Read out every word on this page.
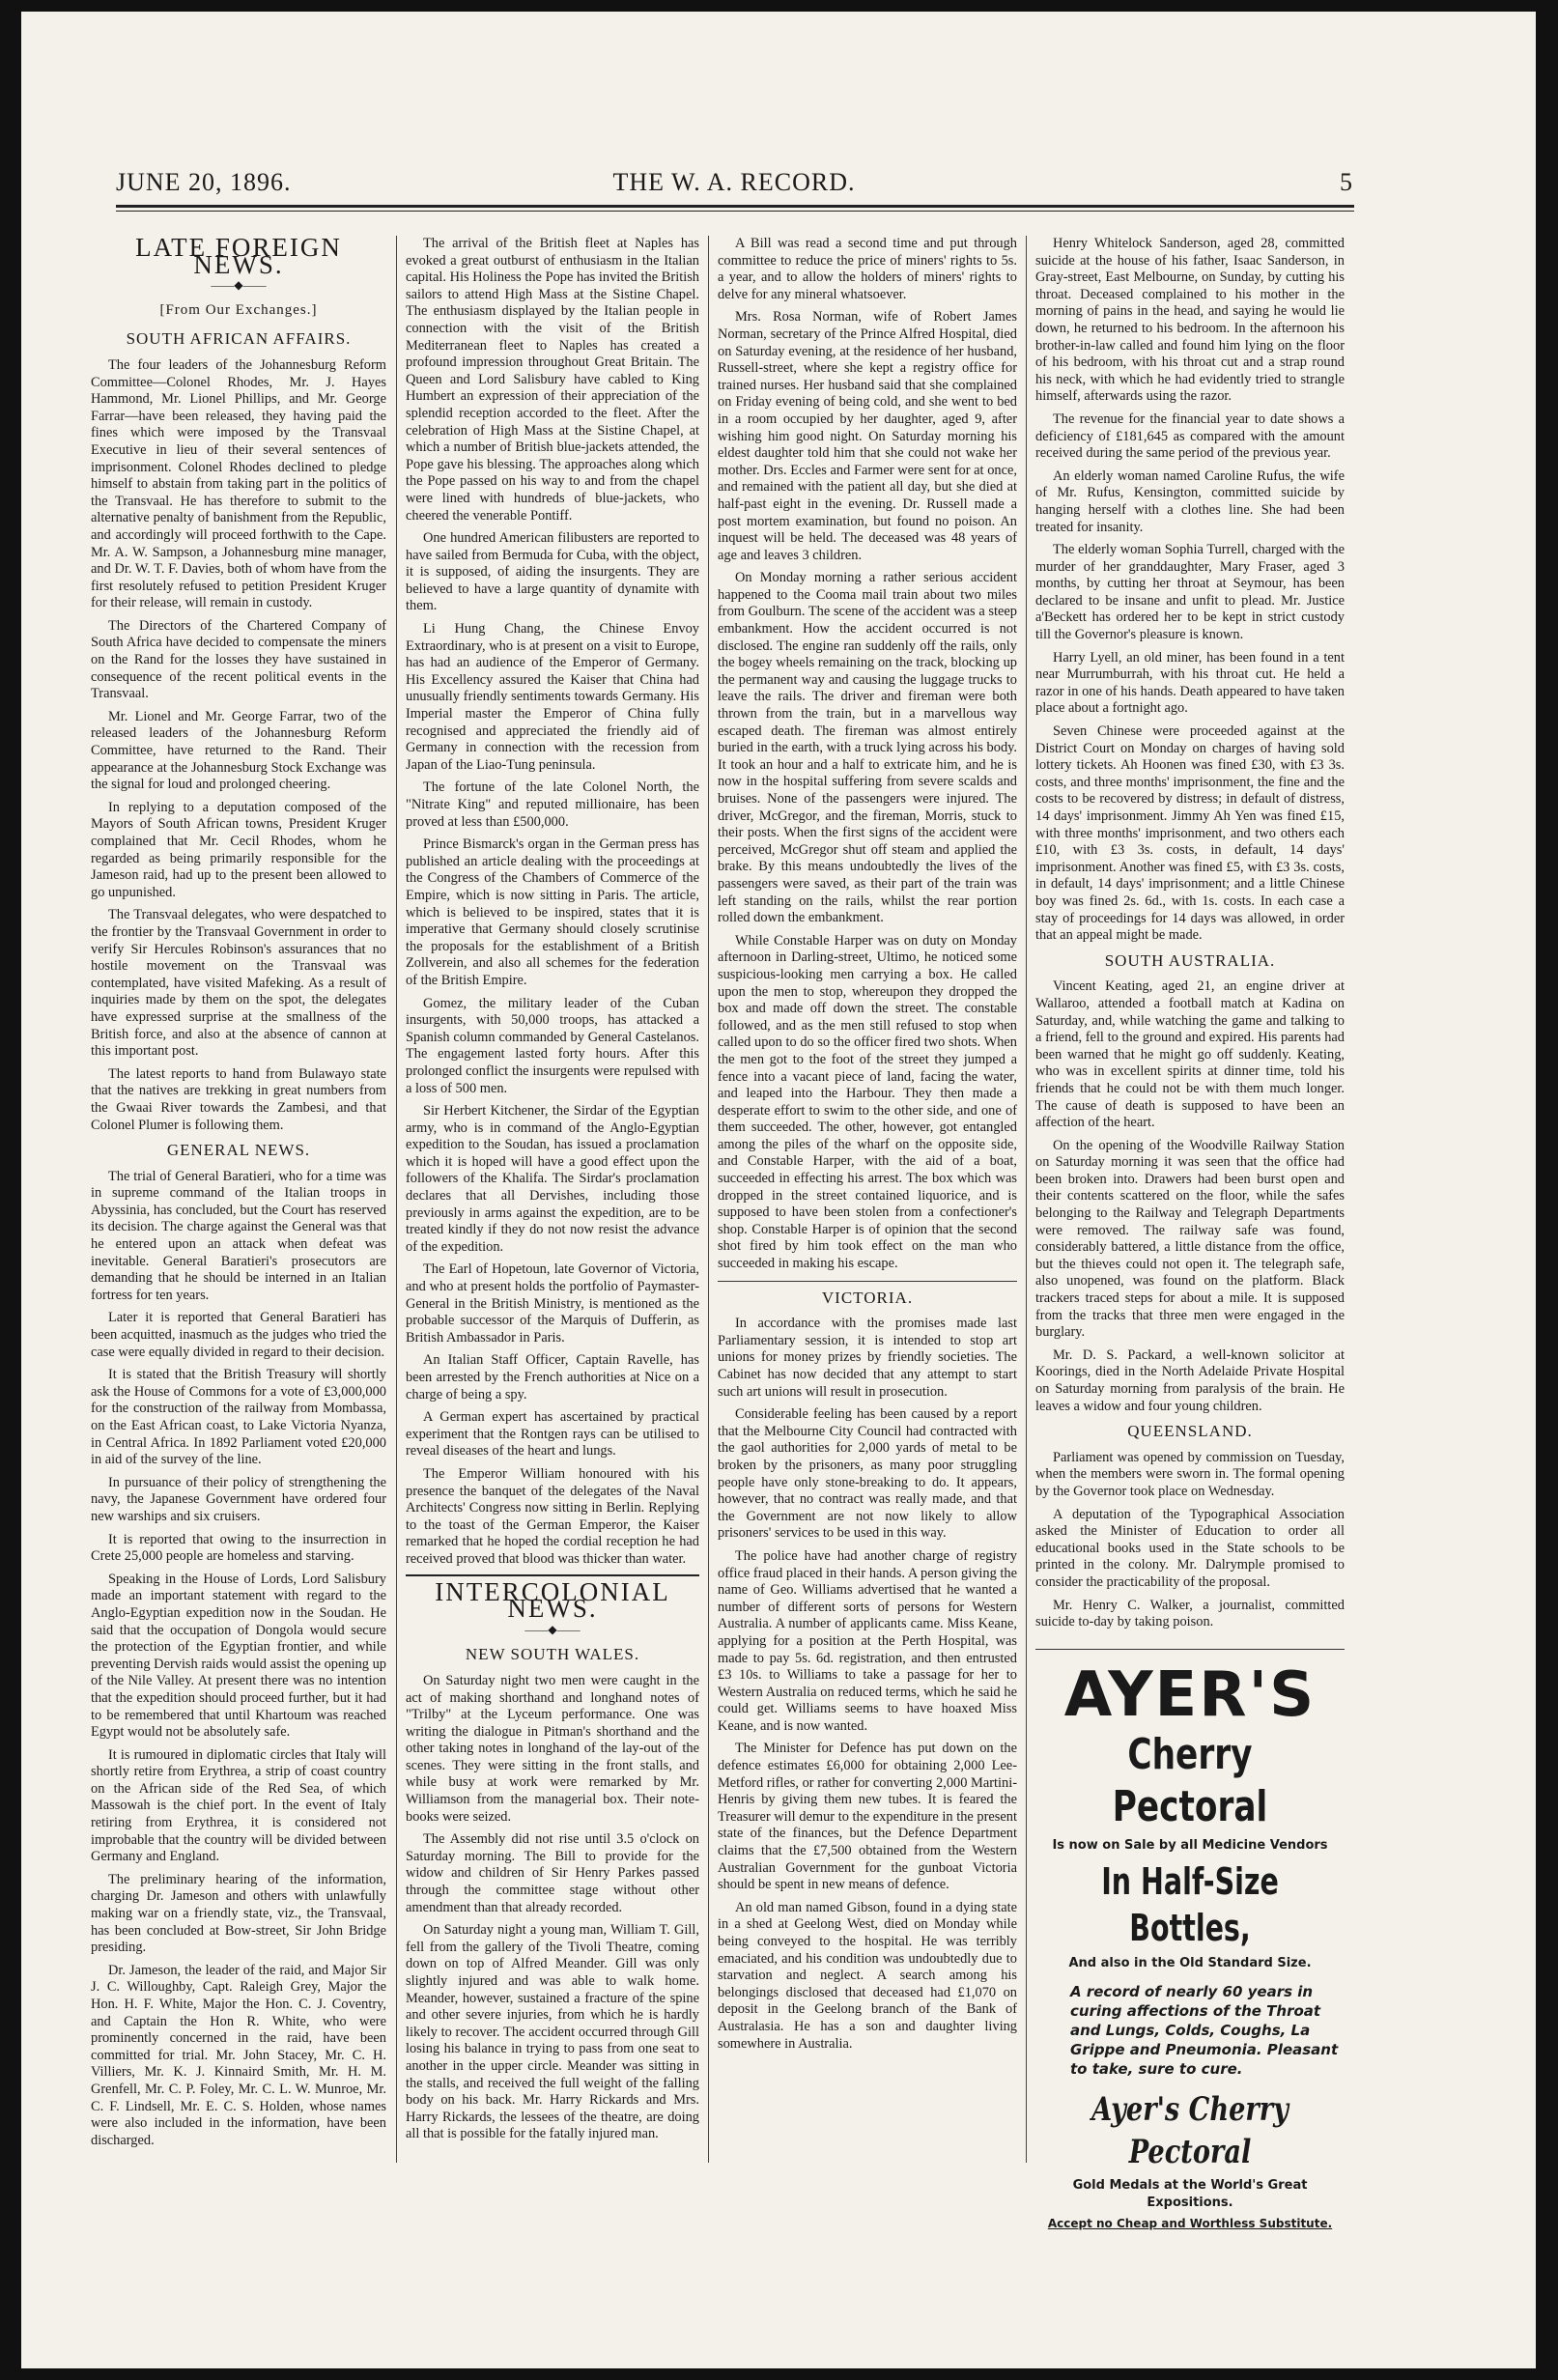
JUNE 20, 1896.	THE W. A. RECORD.	5
LATE FOREIGN NEWS.
——◆——
[From Our Exchanges.]
SOUTH AFRICAN AFFAIRS.

The four leaders of the Johannesburg Reform Committee—Colonel Rhodes, Mr. J. Hayes Hammond, Mr. Lionel Phillips, and Mr. George Farrar—have been released, they having paid the fines which were imposed by the Transvaal Executive in lieu of their several sentences of imprisonment. Colonel Rhodes declined to pledge himself to abstain from taking part in the politics of the Transvaal. He has therefore to submit to the alternative penalty of banishment from the Republic, and accordingly will proceed forthwith to the Cape. Mr. A. W. Sampson, a Johannesburg mine manager, and Dr. W. T. F. Davies, both of whom have from the first resolutely refused to petition President Kruger for their release, will remain in custody.

The Directors of the Chartered Company of South Africa have decided to compensate the miners on the Rand for the losses they have sustained in consequence of the recent political events in the Transvaal.

Mr. Lionel and Mr. George Farrar, two of the released leaders of the Johannesburg Reform Committee, have returned to the Rand. Their appearance at the Johannesburg Stock Exchange was the signal for loud and prolonged cheering.

In replying to a deputation composed of the Mayors of South African towns, President Kruger complained that Mr. Cecil Rhodes, whom he regarded as being primarily responsible for the Jameson raid, had up to the present been allowed to go unpunished.

The Transvaal delegates, who were despatched to the frontier by the Transvaal Government in order to verify Sir Hercules Robinson's assurances that no hostile movement on the Transvaal was contemplated, have visited Mafeking. As a result of inquiries made by them on the spot, the delegates have expressed surprise at the smallness of the British force, and also at the absence of cannon at this important post.

The latest reports to hand from Bulawayo state that the natives are trekking in great numbers from the Gwaai River towards the Zambesi, and that Colonel Plumer is following them.

GENERAL NEWS.

The trial of General Baratieri, who for a time was in supreme command of the Italian troops in Abyssinia, has concluded, but the Court has reserved its decision. The charge against the General was that he entered upon an attack when defeat was inevitable. General Baratieri's prosecutors are demanding that he should be interned in an Italian fortress for ten years.

Later it is reported that General Baratieri has been acquitted, inasmuch as the judges who tried the case were equally divided in regard to their decision.

It is stated that the British Treasury will shortly ask the House of Commons for a vote of £3,000,000 for the construction of the railway from Mombassa, on the East African coast, to Lake Victoria Nyanza, in Central Africa. In 1892 Parliament voted £20,000 in aid of the survey of the line.

In pursuance of their policy of strengthening the navy, the Japanese Government have ordered four new warships and six cruisers.

It is reported that owing to the insurrection in Crete 25,000 people are homeless and starving.

Speaking in the House of Lords, Lord Salisbury made an important statement with regard to the Anglo-Egyptian expedition now in the Soudan. He said that the occupation of Dongola would secure the protection of the Egyptian frontier, and while preventing Dervish raids would assist the opening up of the Nile Valley. At present there was no intention that the expedition should proceed further, but it had to be remembered that until Khartoum was reached Egypt would not be absolutely safe.

It is rumoured in diplomatic circles that Italy will shortly retire from Erythrea, a strip of coast country on the African side of the Red Sea, of which Massowah is the chief port. In the event of Italy retiring from Erythrea, it is considered not improbable that the country will be divided between Germany and England.

The preliminary hearing of the information, charging Dr. Jameson and others with unlawfully making war on a friendly state, viz., the Transvaal, has been concluded at Bow-street, Sir John Bridge presiding.

Dr. Jameson, the leader of the raid, and Major Sir J. C. Willoughby, Capt. Raleigh Grey, Major the Hon. H. F. White, Major the Hon. C. J. Coventry, and Captain the Hon R. White, who were prominently concerned in the raid, have been committed for trial. Mr. John Stacey, Mr. C. H. Villiers, Mr. K. J. Kinnaird Smith, Mr. H. M. Grenfell, Mr. C. P. Foley, Mr. C. L. W. Munroe, Mr. C. F. Lindsell, Mr. E. C. S. Holden, whose names were also included in the information, have been discharged.

The arrival of the British fleet at Naples has evoked a great outburst of enthusiasm in the Italian capital. His Holiness the Pope has invited the British sailors to attend High Mass at the Sistine Chapel. The enthusiasm displayed by the Italian people in connection with the visit of the British Mediterranean fleet to Naples has created a profound impression throughout Great Britain. The Queen and Lord Salisbury have cabled to King Humbert an expression of their appreciation of the splendid reception accorded to the fleet. After the celebration of High Mass at the Sistine Chapel, at which a number of British blue-jackets attended, the Pope gave his blessing. The approaches along which the Pope passed on his way to and from the chapel were lined with hundreds of blue-jackets, who cheered the venerable Pontiff.

One hundred American filibusters are reported to have sailed from Bermuda for Cuba, with the object, it is supposed, of aiding the insurgents. They are believed to have a large quantity of dynamite with them.

Li Hung Chang, the Chinese Envoy Extraordinary, who is at present on a visit to Europe, has had an audience of the Emperor of Germany. His Excellency assured the Kaiser that China had unusually friendly sentiments towards Germany. His Imperial master the Emperor of China fully recognised and appreciated the friendly aid of Germany in connection with the recession from Japan of the Liao-Tung peninsula.

The fortune of the late Colonel North, the "Nitrate King" and reputed millionaire, has been proved at less than £500,000.

Prince Bismarck's organ in the German press has published an article dealing with the proceedings at the Congress of the Chambers of Commerce of the Empire, which is now sitting in Paris. The article, which is believed to be inspired, states that it is imperative that Germany should closely scrutinise the proposals for the establishment of a British Zollverein, and also all schemes for the federation of the British Empire.

Gomez, the military leader of the Cuban insurgents, with 50,000 troops, has attacked a Spanish column commanded by General Castelanos. The engagement lasted forty hours. After this prolonged conflict the insurgents were repulsed with a loss of 500 men.

Sir Herbert Kitchener, the Sirdar of the Egyptian army, who is in command of the Anglo-Egyptian expedition to the Soudan, has issued a proclamation which it is hoped will have a good effect upon the followers of the Khalifa. The Sirdar's proclamation declares that all Dervishes, including those previously in arms against the expedition, are to be treated kindly if they do not now resist the advance of the expedition.

The Earl of Hopetoun, late Governor of Victoria, and who at present holds the portfolio of Paymaster-General in the British Ministry, is mentioned as the probable successor of the Marquis of Dufferin, as British Ambassador in Paris.

An Italian Staff Officer, Captain Ravelle, has been arrested by the French authorities at Nice on a charge of being a spy.

A German expert has ascertained by practical experiment that the Rontgen rays can be utilised to reveal diseases of the heart and lungs.

The Emperor William honoured with his presence the banquet of the delegates of the Naval Architects' Congress now sitting in Berlin. Replying to the toast of the German Emperor, the Kaiser remarked that he hoped the cordial reception he had received proved that blood was thicker than water.

INTERCOLONIAL NEWS.
——◆——
NEW SOUTH WALES.

On Saturday night two men were caught in the act of making shorthand and longhand notes of "Trilby" at the Lyceum performance. One was writing the dialogue in Pitman's shorthand and the other taking notes in longhand of the lay-out of the scenes. They were sitting in the front stalls, and while busy at work were remarked by Mr. Williamson from the managerial box. Their note-books were seized.

The Assembly did not rise until 3.5 o'clock on Saturday morning. The Bill to provide for the widow and children of Sir Henry Parkes passed through the committee stage without other amendment than that already recorded.

On Saturday night a young man, William T. Gill, fell from the gallery of the Tivoli Theatre, coming down on top of Alfred Meander. Gill was only slightly injured and was able to walk home. Meander, however, sustained a fracture of the spine and other severe injuries, from which he is hardly likely to recover. The accident occurred through Gill losing his balance in trying to pass from one seat to another in the upper circle. Meander was sitting in the stalls, and received the full weight of the falling body on his back. Mr. Harry Rickards and Mrs. Harry Rickards, the lessees of the theatre, are doing all that is possible for the fatally injured man.

A Bill was read a second time and put through committee to reduce the price of miners' rights to 5s. a year, and to allow the holders of miners' rights to delve for any mineral whatsoever.

Mrs. Rosa Norman, wife of Robert James Norman, secretary of the Prince Alfred Hospital, died on Saturday evening, at the residence of her husband, Russell-street, where she kept a registry office for trained nurses. Her husband said that she complained on Friday evening of being cold, and she went to bed in a room occupied by her daughter, aged 9, after wishing him good night. On Saturday morning his eldest daughter told him that she could not wake her mother. Drs. Eccles and Farmer were sent for at once, and remained with the patient all day, but she died at half-past eight in the evening. Dr. Russell made a post mortem examination, but found no poison. An inquest will be held. The deceased was 48 years of age and leaves 3 children.

On Monday morning a rather serious accident happened to the Cooma mail train about two miles from Goulburn. The scene of the accident was a steep embankment. How the accident occurred is not disclosed. The engine ran suddenly off the rails, only the bogey wheels remaining on the track, blocking up the permanent way and causing the luggage trucks to leave the rails. The driver and fireman were both thrown from the train, but in a marvellous way escaped death. The fireman was almost entirely buried in the earth, with a truck lying across his body. It took an hour and a half to extricate him, and he is now in the hospital suffering from severe scalds and bruises. None of the passengers were injured. The driver, McGregor, and the fireman, Morris, stuck to their posts. When the first signs of the accident were perceived, McGregor shut off steam and applied the brake. By this means undoubtedly the lives of the passengers were saved, as their part of the train was left standing on the rails, whilst the rear portion rolled down the embankment.

While Constable Harper was on duty on Monday afternoon in Darling-street, Ultimo, he noticed some suspicious-looking men carrying a box. He called upon the men to stop, whereupon they dropped the box and made off down the street. The constable followed, and as the men still refused to stop when called upon to do so the officer fired two shots. When the men got to the foot of the street they jumped a fence into a vacant piece of land, facing the water, and leaped into the Harbour. They then made a desperate effort to swim to the other side, and one of them succeeded. The other, however, got entangled among the piles of the wharf on the opposite side, and Constable Harper, with the aid of a boat, succeeded in effecting his arrest. The box which was dropped in the street contained liquorice, and is supposed to have been stolen from a confectioner's shop. Constable Harper is of opinion that the second shot fired by him took effect on the man who succeeded in making his escape.

VICTORIA.

In accordance with the promises made last Parliamentary session, it is intended to stop art unions for money prizes by friendly societies. The Cabinet has now decided that any attempt to start such art unions will result in prosecution.

Considerable feeling has been caused by a report that the Melbourne City Council had contracted with the gaol authorities for 2,000 yards of metal to be broken by the prisoners, as many poor struggling people have only stone-breaking to do. It appears, however, that no contract was really made, and that the Government are not now likely to allow prisoners' services to be used in this way.

The police have had another charge of registry office fraud placed in their hands. A person giving the name of Geo. Williams advertised that he wanted a number of different sorts of persons for Western Australia. A number of applicants came. Miss Keane, applying for a position at the Perth Hospital, was made to pay 5s. 6d. registration, and then entrusted £3 10s. to Williams to take a passage for her to Western Australia on reduced terms, which he said he could get. Williams seems to have hoaxed Miss Keane, and is now wanted.

The Minister for Defence has put down on the defence estimates £6,000 for obtaining 2,000 Lee-Metford rifles, or rather for converting 2,000 Martini-Henris by giving them new tubes. It is feared the Treasurer will demur to the expenditure in the present state of the finances, but the Defence Department claims that the £7,500 obtained from the Western Australian Government for the gunboat Victoria should be spent in new means of defence.

An old man named Gibson, found in a dying state in a shed at Geelong West, died on Monday while being conveyed to the hospital. He was terribly emaciated, and his condition was undoubtedly due to starvation and neglect. A search among his belongings disclosed that deceased had £1,070 on deposit in the Geelong branch of the Bank of Australasia. He has a son and daughter living somewhere in Australia.

Henry Whitelock Sanderson, aged 28, committed suicide at the house of his father, Isaac Sanderson, in Gray-street, East Melbourne, on Sunday, by cutting his throat. Deceased complained to his mother in the morning of pains in the head, and saying he would lie down, he returned to his bedroom. In the afternoon his brother-in-law called and found him lying on the floor of his bedroom, with his throat cut and a strap round his neck, with which he had evidently tried to strangle himself, afterwards using the razor.

The revenue for the financial year to date shows a deficiency of £181,645 as compared with the amount received during the same period of the previous year.

An elderly woman named Caroline Rufus, the wife of Mr. Rufus, Kensington, committed suicide by hanging herself with a clothes line. She had been treated for insanity.

The elderly woman Sophia Turrell, charged with the murder of her granddaughter, Mary Fraser, aged 3 months, by cutting her throat at Seymour, has been declared to be insane and unfit to plead. Mr. Justice a'Beckett has ordered her to be kept in strict custody till the Governor's pleasure is known.

Harry Lyell, an old miner, has been found in a tent near Murrumburrah, with his throat cut. He held a razor in one of his hands. Death appeared to have taken place about a fortnight ago.

Seven Chinese were proceeded against at the District Court on Monday on charges of having sold lottery tickets. Ah Hoonen was fined £30, with £3 3s. costs, and three months' imprisonment, the fine and the costs to be recovered by distress; in default of distress, 14 days' imprisonment. Jimmy Ah Yen was fined £15, with three months' imprisonment, and two others each £10, with £3 3s. costs, in default, 14 days' imprisonment. Another was fined £5, with £3 3s. costs, in default, 14 days' imprisonment; and a little Chinese boy was fined 2s. 6d., with 1s. costs. In each case a stay of proceedings for 14 days was allowed, in order that an appeal might be made.

SOUTH AUSTRALIA.

Vincent Keating, aged 21, an engine driver at Wallaroo, attended a football match at Kadina on Saturday, and, while watching the game and talking to a friend, fell to the ground and expired. His parents had been warned that he might go off suddenly. Keating, who was in excellent spirits at dinner time, told his friends that he could not be with them much longer. The cause of death is supposed to have been an affection of the heart.

On the opening of the Woodville Railway Station on Saturday morning it was seen that the office had been broken into. Drawers had been burst open and their contents scattered on the floor, while the safes belonging to the Railway and Telegraph Departments were removed. The railway safe was found, considerably battered, a little distance from the office, but the thieves could not open it. The telegraph safe, also unopened, was found on the platform. Black trackers traced steps for about a mile. It is supposed from the tracks that three men were engaged in the burglary.

Mr. D. S. Packard, a well-known solicitor at Koorings, died in the North Adelaide Private Hospital on Saturday morning from paralysis of the brain. He leaves a widow and four young children.

QUEENSLAND.

Parliament was opened by commission on Tuesday, when the members were sworn in. The formal opening by the Governor took place on Wednesday.

A deputation of the Typographical Association asked the Minister of Education to order all educational books used in the State schools to be printed in the colony. Mr. Dalrymple promised to consider the practicability of the proposal.

Mr. Henry C. Walker, a journalist, committed suicide to-day by taking poison.

AYER'S
Cherry Pectoral
Is now on Sale by all Medicine Vendors
In Half-Size Bottles,
And also in the Old Standard Size.
A record of nearly 60 years in curing affections of the Throat and Lungs, Colds, Coughs, La Grippe and Pneumonia. Pleasant to take, sure to cure.
Ayer's Cherry Pectoral
Gold Medals at the World's Great Expositions.
Accept no Cheap and Worthless Substitute.
